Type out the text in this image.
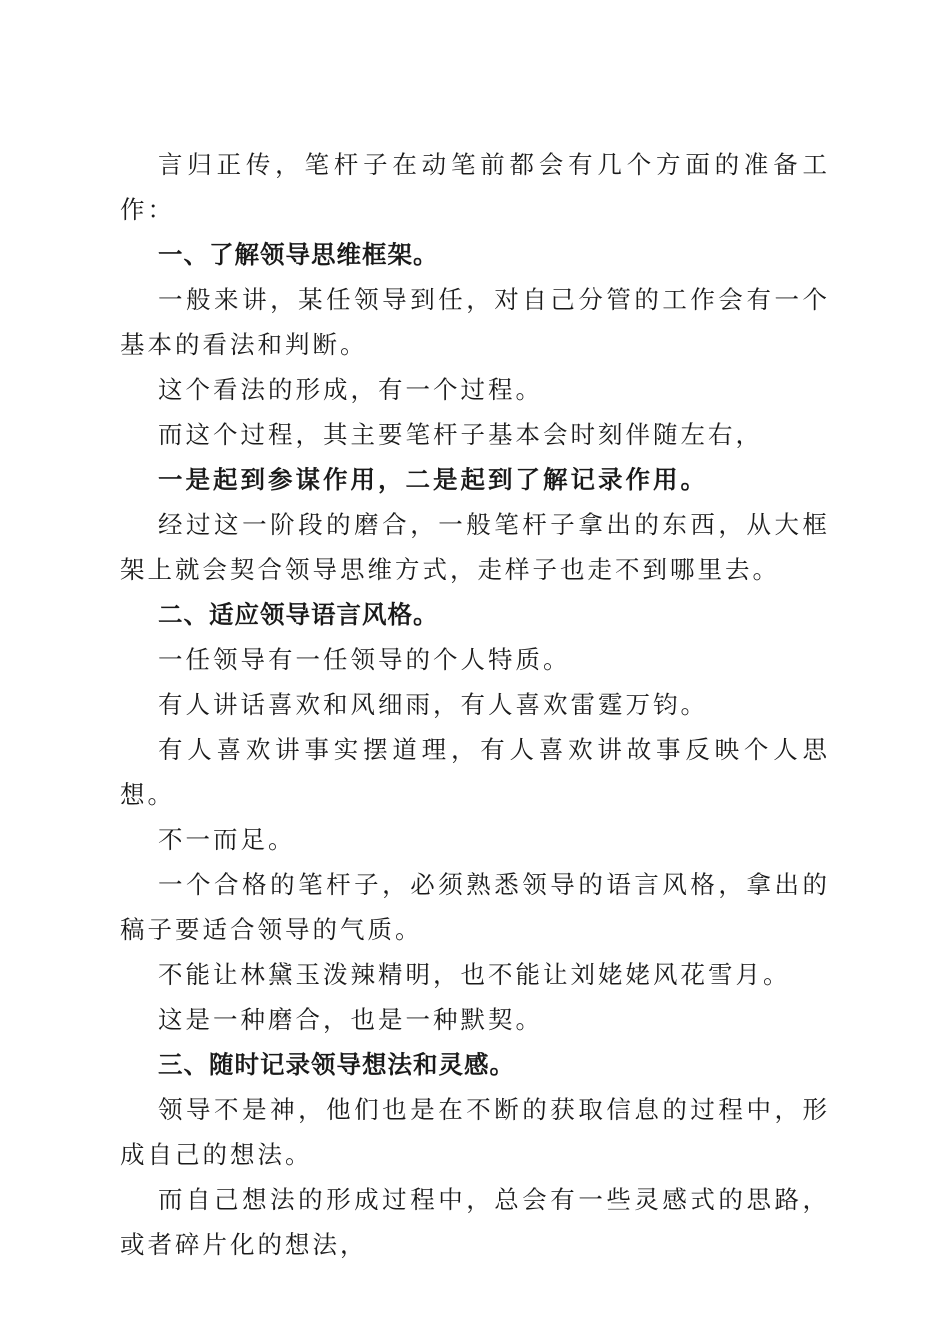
言归正传，笔杆子在动笔前都会有几个方面的准备工作：

一、了解领导思维框架。

一般来讲，某任领导到任，对自己分管的工作会有一个基本的看法和判断。

这个看法的形成，有一个过程。

而这个过程，其主要笔杆子基本会时刻伴随左右，

一是起到参谋作用，二是起到了解记录作用。

经过这一阶段的磨合，一般笔杆子拿出的东西，从大框架上就会契合领导思维方式，走样子也走不到哪里去。

二、适应领导语言风格。

一任领导有一任领导的个人特质。

有人讲话喜欢和风细雨，有人喜欢雷霆万钧。

有人喜欢讲事实摆道理，有人喜欢讲故事反映个人思想。

不一而足。

一个合格的笔杆子，必须熟悉领导的语言风格，拿出的稿子要适合领导的气质。

不能让林黛玉泼辣精明，也不能让刘姥姥风花雪月。

这是一种磨合，也是一种默契。

三、随时记录领导想法和灵感。

领导不是神，他们也是在不断的获取信息的过程中，形成自己的想法。

而自己想法的形成过程中，总会有一些灵感式的思路，或者碎片化的想法，
